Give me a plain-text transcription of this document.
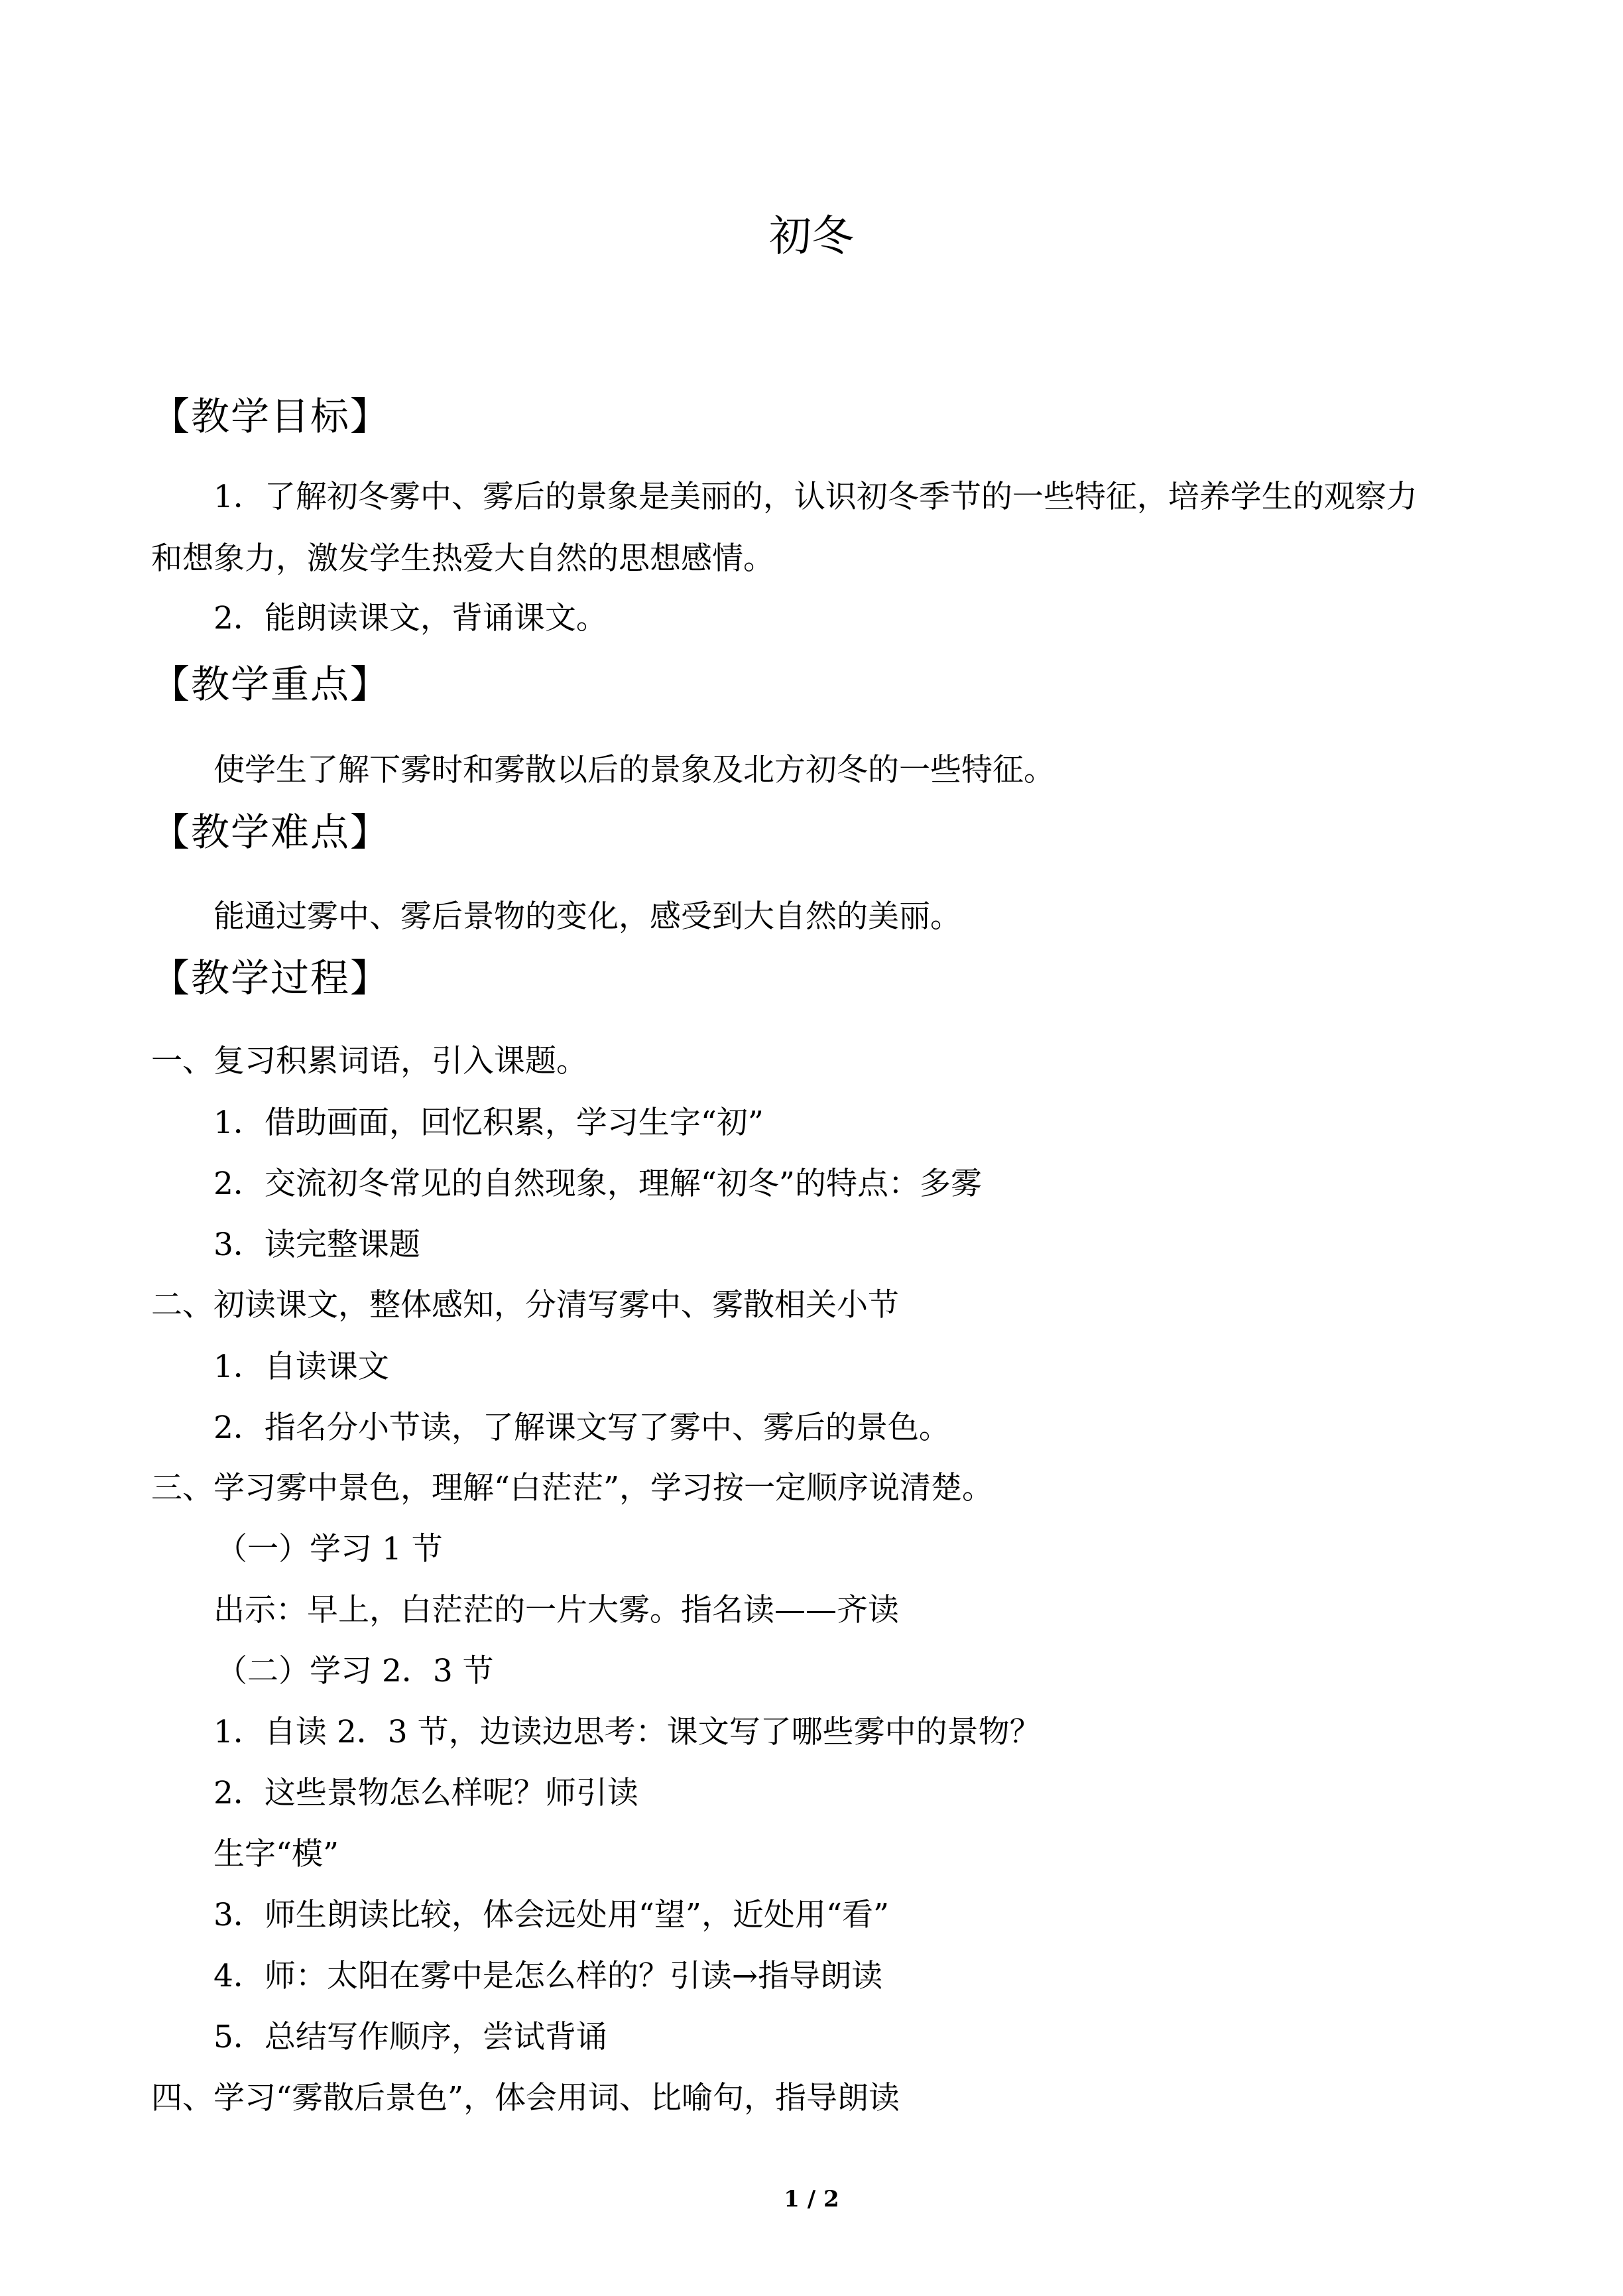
初冬
【教学目标】
1．了解初冬雾中、雾后的景象是美丽的，认识初冬季节的一些特征，培养学生的观察力
和想象力，激发学生热爱大自然的思想感情。
2．能朗读课文，背诵课文。
【教学重点】
使学生了解下雾时和雾散以后的景象及北方初冬的一些特征。
【教学难点】
能通过雾中、雾后景物的变化，感受到大自然的美丽。
【教学过程】
一、复习积累词语，引入课题。
1．借助画面，回忆积累，学习生字“初”
2．交流初冬常见的自然现象，理解“初冬”的特点：多雾
3．读完整课题
二、初读课文，整体感知，分清写雾中、雾散相关小节
1．自读课文
2．指名分小节读，了解课文写了雾中、雾后的景色。
三、学习雾中景色，理解“白茫茫”，学习按一定顺序说清楚。
（一）学习 1 节
出示：早上，白茫茫的一片大雾。指名读——齐读
（二）学习 2．3 节
1．自读 2．3 节，边读边思考：课文写了哪些雾中的景物？
2．这些景物怎么样呢？师引读
生字“模”
3．师生朗读比较，体会远处用“望”，近处用“看”
4．师：太阳在雾中是怎么样的？引读→指导朗读
5．总结写作顺序，尝试背诵
四、学习“雾散后景色”，体会用词、比喻句，指导朗读
1 / 2
